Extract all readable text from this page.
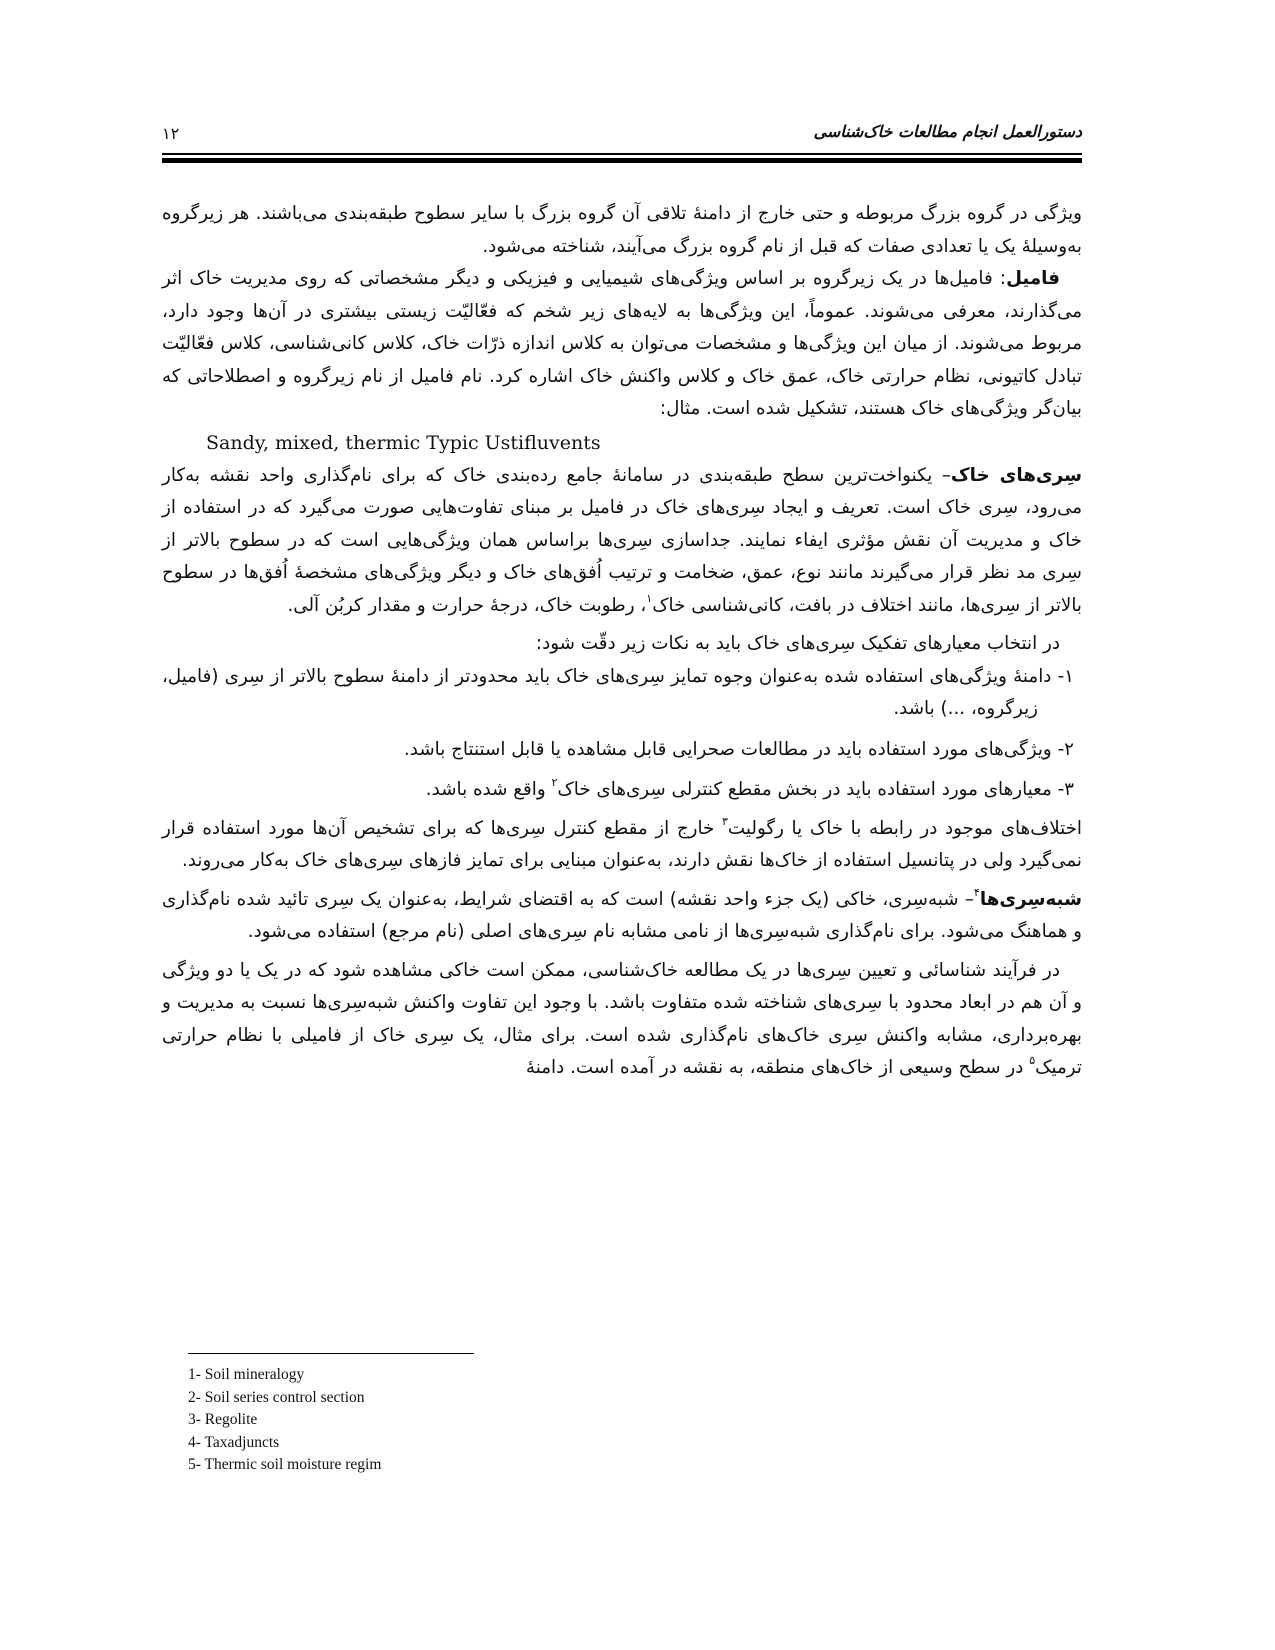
۱۲	دستورالعمل انجام مطالعات خاک‌شناسی

ویژگی در گروه بزرگ مربوطه و حتی خارج از دامنهٔ تلاقی آن گروه بزرگ با سایر سطوح طبقه‌بندی می‌باشند. هر زیرگروه به‌وسیلهٔ یک یا تعدادی صفات که قبل از نام گروه بزرگ می‌آیند، شناخته می‌شود.

فامیل: فامیل‌ها در یک زیرگروه بر اساس ویژگی‌های شیمیایی و فیزیکی و دیگر مشخصاتی که روی مدیریت خاک اثر می‌گذارند، معرفی می‌شوند. عموماً، این ویژگی‌ها به لایه‌های زیر شخم که فعّالیّت زیستی بیشتری در آن‌ها وجود دارد، مربوط می‌شوند. از میان این ویژگی‌ها و مشخصات می‌توان به کلاس اندازه ذرّات خاک، کلاس کانی‌شناسی، کلاس فعّالیّت تبادل کاتیونی، نظام حرارتی خاک، عمق خاک و کلاس واکنش خاک اشاره کرد. نام فامیل از نام زیرگروه و اصطلاحاتی که بیان‌گر ویژگی‌های خاک هستند، تشکیل شده است. مثال:

Sandy, mixed, thermic Typic Ustifluvents

سِری‌های خاک– یکنواخت‌ترین سطح طبقه‌بندی در سامانهٔ جامع رده‌بندی خاک که برای نام‌گذاری واحد نقشه به‌کار می‌رود، سِری خاک است. تعریف و ایجاد سِری‌های خاک در فامیل بر مبنای تفاوت‌هایی صورت می‌گیرد که در استفاده از خاک و مدیریت آن نقش مؤثری ایفاء نمایند. جداسازی سِری‌ها براساس همان ویژگی‌هایی است که در سطوح بالاتر از سِری مد نظر قرار می‌گیرند مانند نوع، عمق، ضخامت و ترتیب اُفق‌های خاک و دیگر ویژگی‌های مشخصهٔ اُفق‌ها در سطوح بالاتر از سِری‌ها، مانند اختلاف در بافت، کانی‌شناسی خاک$^۱$، رطوبت خاک، درجهٔ حرارت و مقدار کربُن آلی.

در انتخاب معیارهای تفکیک سِری‌های خاک باید به نکات زیر دقّت شود:

۱- دامنهٔ ویژگی‌های استفاده شده به‌عنوان وجوه تمایز سِری‌های خاک باید محدودتر از دامنهٔ سطوح بالاتر از سِری (فامیل، زیرگروه، ...) باشد.

۲- ویژگی‌های مورد استفاده باید در مطالعات صحرایی قابل مشاهده یا قابل استنتاج باشد.

۳- معیارهای مورد استفاده باید در بخش مقطع کنترلی سِری‌های خاک$^۲$ واقع شده باشد.

اختلاف‌های موجود در رابطه با خاک یا رگولیت$^۳$ خارج از مقطع کنترل سِری‌ها که برای تشخیص آن‌ها مورد استفاده قرار نمی‌گیرد ولی در پتانسیل استفاده از خاک‌ها نقش دارند، به‌عنوان مبنایی برای تمایز فازهای سِری‌های خاک به‌کار می‌روند.

شبه‌سِری‌ها$^۴$– شبه‌سِری، خاکی (یک جزء واحد نقشه) است که به اقتضای شرایط، به‌عنوان یک سِری تائید شده نام‌گذاری و هماهنگ می‌شود. برای نام‌گذاری شبه‌سِری‌ها از نامی مشابه نام سِری‌های اصلی (نام مرجع) استفاده می‌شود.

در فرآیند شناسائی و تعیین سِری‌ها در یک مطالعه خاک‌شناسی، ممکن است خاکی مشاهده شود که در یک یا دو ویژگی و آن هم در ابعاد محدود با سِری‌های شناخته شده متفاوت باشد. با وجود این تفاوت واکنش شبه‌سِری‌ها نسبت به مدیریت و بهره‌برداری، مشابه واکنش سِری خاک‌های نام‌گذاری شده است. برای مثال، یک سِری خاک از فامیلی با نظام حرارتی ترمیک$^۵$ در سطح وسیعی از خاک‌های منطقه، به نقشه در آمده است. دامنهٔ

1- Soil mineralogy
2- Soil series control section
3- Regolite
4- Taxadjuncts
5- Thermic soil moisture regim
